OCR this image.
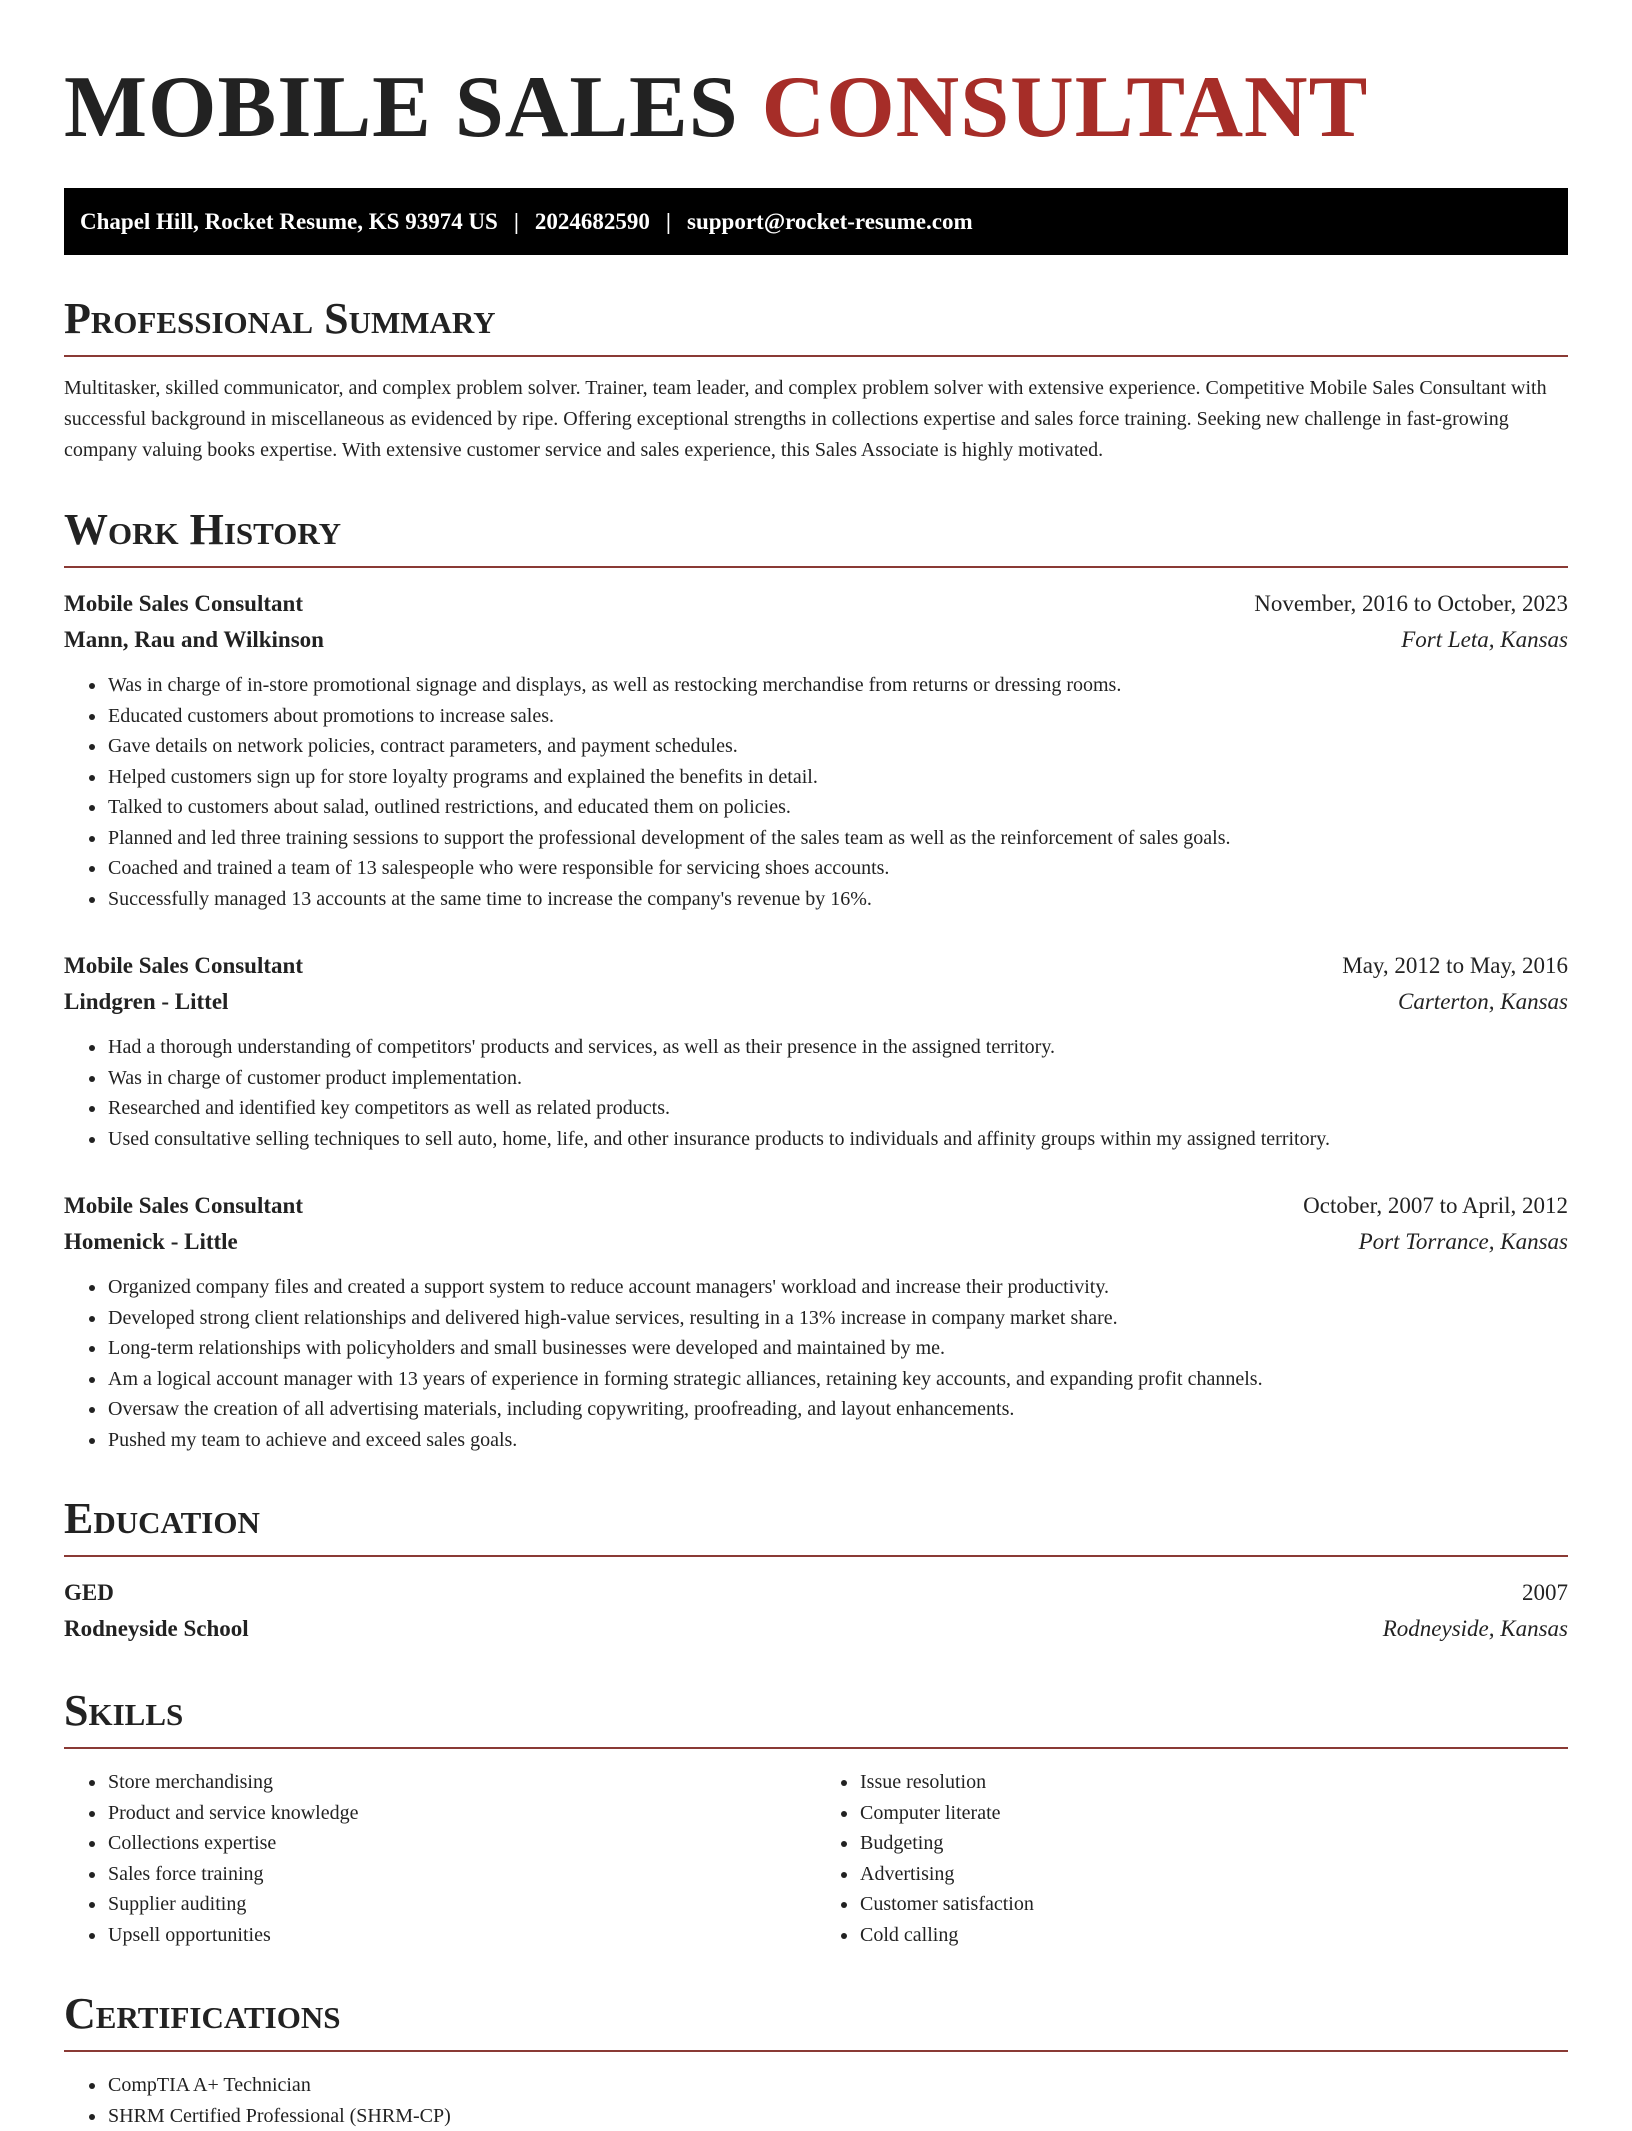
MOBILE SALES CONSULTANT
Chapel Hill, Rocket Resume, KS 93974 US | 2024682590 | support@rocket-resume.com
Professional Summary
Multitasker, skilled communicator, and complex problem solver. Trainer, team leader, and complex problem solver with extensive experience. Competitive Mobile Sales Consultant with successful background in miscellaneous as evidenced by ripe. Offering exceptional strengths in collections expertise and sales force training. Seeking new challenge in fast-growing company valuing books expertise. With extensive customer service and sales experience, this Sales Associate is highly motivated.
Work History
Mobile Sales Consultant	November, 2016 to October, 2023
Mann, Rau and Wilkinson	Fort Leta, Kansas
• Was in charge of in-store promotional signage and displays, as well as restocking merchandise from returns or dressing rooms.
• Educated customers about promotions to increase sales.
• Gave details on network policies, contract parameters, and payment schedules.
• Helped customers sign up for store loyalty programs and explained the benefits in detail.
• Talked to customers about salad, outlined restrictions, and educated them on policies.
• Planned and led three training sessions to support the professional development of the sales team as well as the reinforcement of sales goals.
• Coached and trained a team of 13 salespeople who were responsible for servicing shoes accounts.
• Successfully managed 13 accounts at the same time to increase the company's revenue by 16%.
Mobile Sales Consultant	May, 2012 to May, 2016
Lindgren - Littel	Carterton, Kansas
• Had a thorough understanding of competitors' products and services, as well as their presence in the assigned territory.
• Was in charge of customer product implementation.
• Researched and identified key competitors as well as related products.
• Used consultative selling techniques to sell auto, home, life, and other insurance products to individuals and affinity groups within my assigned territory.
Mobile Sales Consultant	October, 2007 to April, 2012
Homenick - Little	Port Torrance, Kansas
• Organized company files and created a support system to reduce account managers' workload and increase their productivity.
• Developed strong client relationships and delivered high-value services, resulting in a 13% increase in company market share.
• Long-term relationships with policyholders and small businesses were developed and maintained by me.
• Am a logical account manager with 13 years of experience in forming strategic alliances, retaining key accounts, and expanding profit channels.
• Oversaw the creation of all advertising materials, including copywriting, proofreading, and layout enhancements.
• Pushed my team to achieve and exceed sales goals.
Education
GED	2007
Rodneyside School	Rodneyside, Kansas
Skills
• Store merchandising
• Product and service knowledge
• Collections expertise
• Sales force training
• Supplier auditing
• Upsell opportunities
• Issue resolution
• Computer literate
• Budgeting
• Advertising
• Customer satisfaction
• Cold calling
Certifications
• CompTIA A+ Technician
• SHRM Certified Professional (SHRM-CP)
